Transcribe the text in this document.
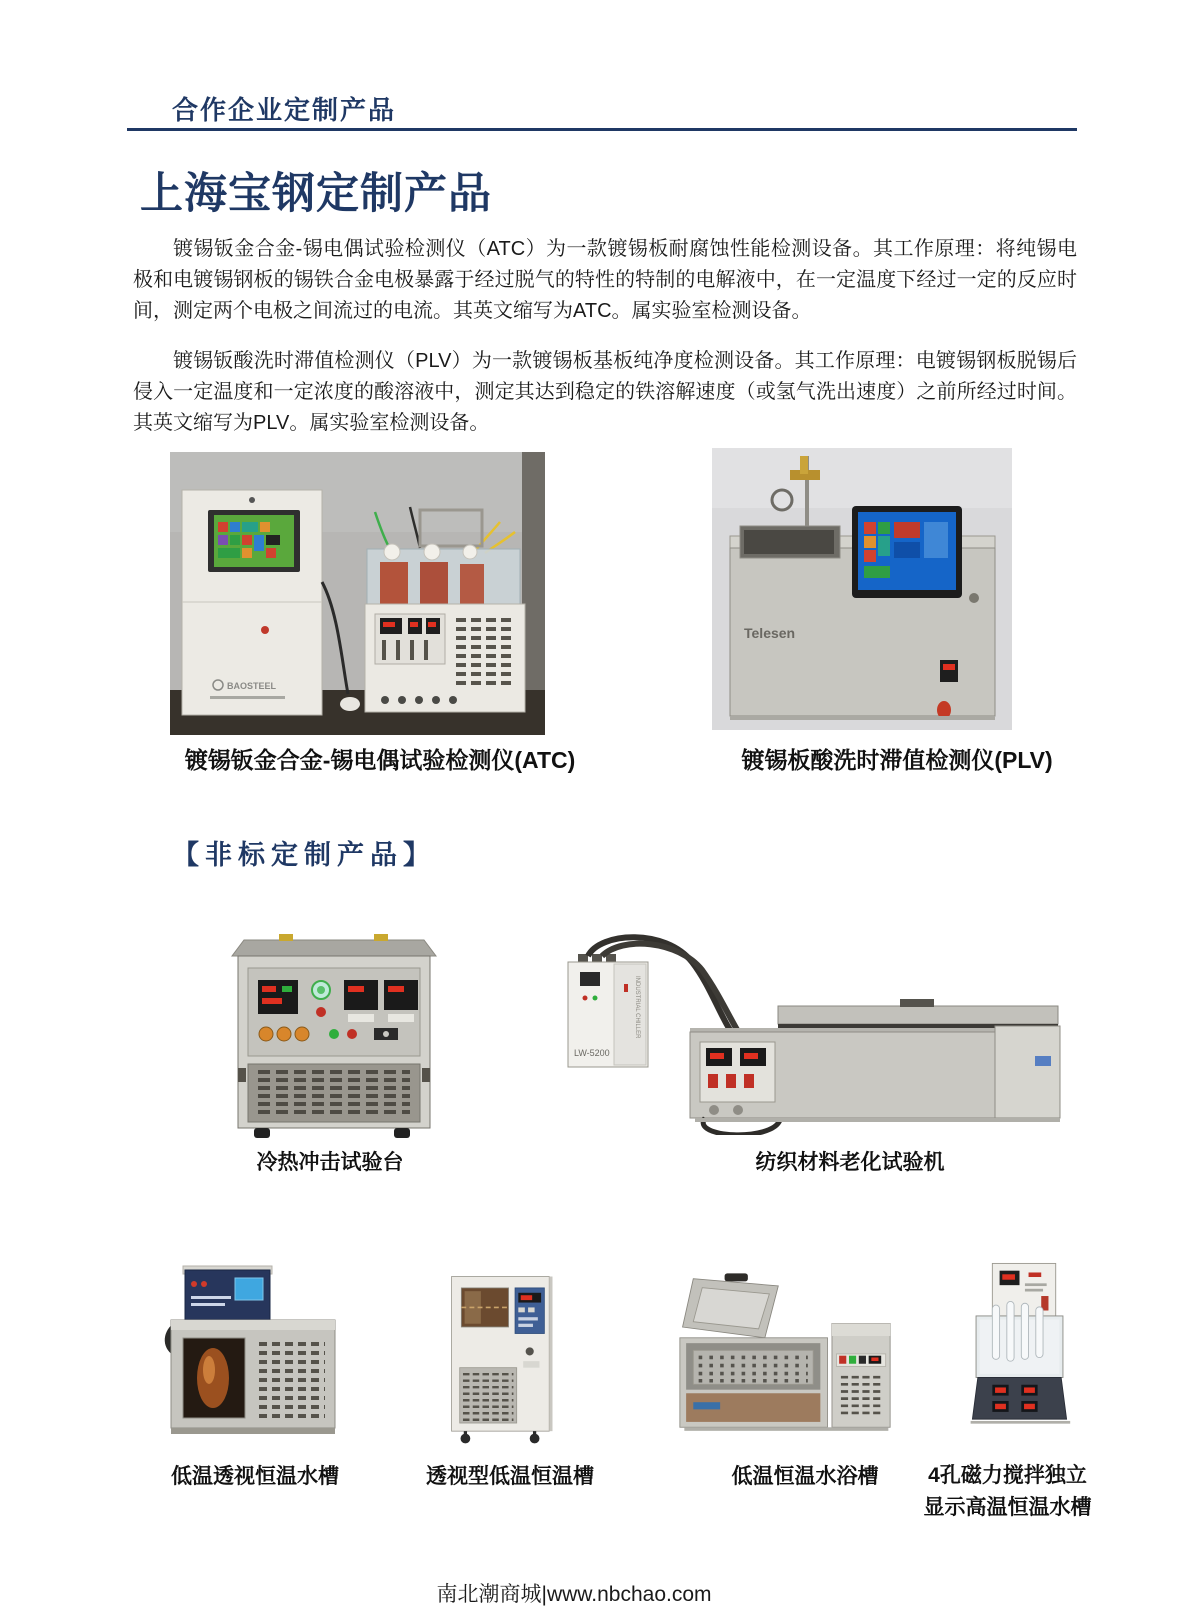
合作企业定制产品
上海宝钢定制产品

镀锡钣金合金-锡电偶试验检测仪（ATC）为一款镀锡板耐腐蚀性能检测设备。其工作原理：将纯锡电极和电镀锡钢板的锡铁合金电极暴露于经过脱气的特性的特制的电解液中，在一定温度下经过一定的反应时间，测定两个电极之间流过的电流。其英文缩写为ATC。属实验室检测设备。

镀锡钣酸洗时滞值检测仪（PLV）为一款镀锡板基板纯净度检测设备。其工作原理：电镀锡钢板脱锡后侵入一定温度和一定浓度的酸溶液中，测定其达到稳定的铁溶解速度（或氢气洗出速度）之前所经过时间。其英文缩写为PLV。属实验室检测设备。

BAOSTEEL
Telesen
镀锡钣金合金-锡电偶试验检测仪(ATC)	镀锡板酸洗时滞值检测仪(PLV)
【非标定制产品】
LW-5200
INDUSTRIAL CHILLER
冷热冲击试验台	纺织材料老化试验机
低温透视恒温水槽	透视型低温恒温槽	低温恒温水浴槽	4孔磁力搅拌独立
显示高温恒温水槽
南北潮商城|www.nbchao.com
